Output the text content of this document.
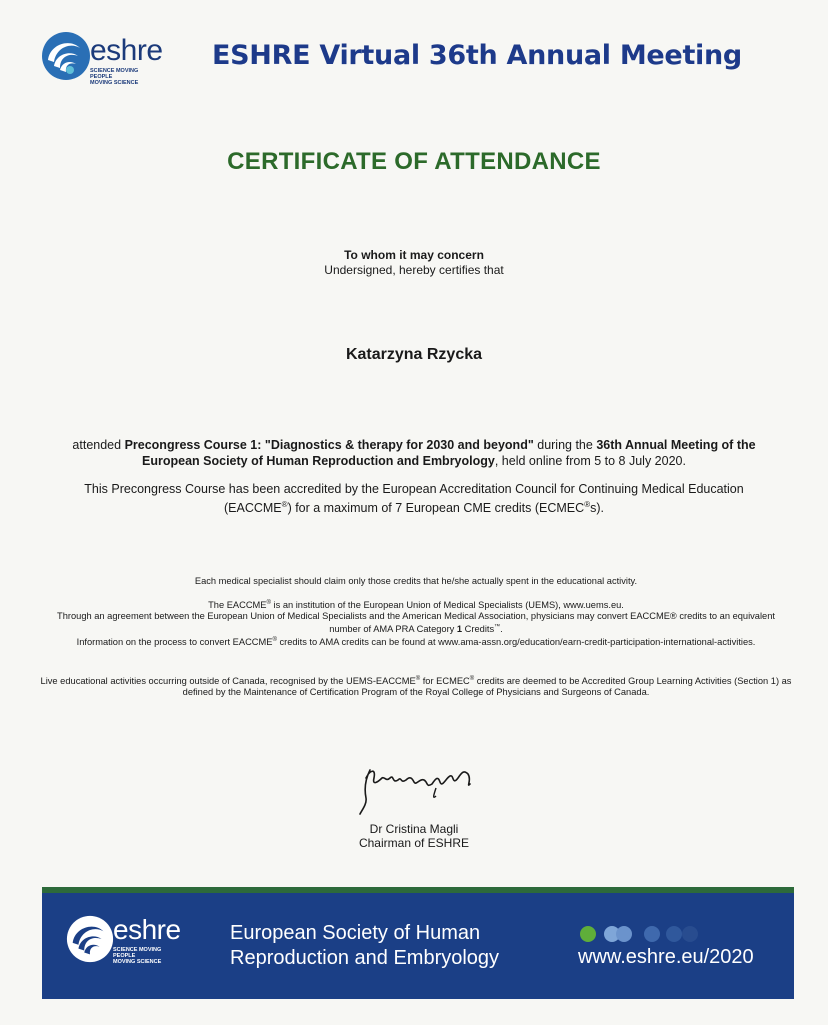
eshre
SCIENCE MOVING
PEOPLE
MOVING SCIENCE
ESHRE Virtual 36th Annual Meeting
CERTIFICATE OF ATTENDANCE
To whom it may concern
Undersigned, hereby certifies that
Katarzyna Rzycka
attended Precongress Course 1: "Diagnostics & therapy for 2030 and beyond" during the 36th Annual Meeting of the European Society of Human Reproduction and Embryology, held online from 5 to 8 July 2020.
This Precongress Course has been accredited by the European Accreditation Council for Continuing Medical Education (EACCME®) for a maximum of 7 European CME credits (ECMEC®s).
Each medical specialist should claim only those credits that he/she actually spent in the educational activity.
The EACCME® is an institution of the European Union of Medical Specialists (UEMS), www.uems.eu.
Through an agreement between the European Union of Medical Specialists and the American Medical Association, physicians may convert EACCME® credits to an equivalent number of AMA PRA Category 1 Credits™.
Information on the process to convert EACCME® credits to AMA credits can be found at www.ama-assn.org/education/earn-credit-participation-international-activities.
Live educational activities occurring outside of Canada, recognised by the UEMS-EACCME® for ECMEC® credits are deemed to be Accredited Group Learning Activities (Section 1) as defined by the Maintenance of Certification Program of the Royal College of Physicians and Surgeons of Canada.
Dr Cristina Magli
Chairman of ESHRE
eshre
SCIENCE MOVING
PEOPLE
MOVING SCIENCE
European Society of Human
Reproduction and Embryology	www.eshre.eu/2020
